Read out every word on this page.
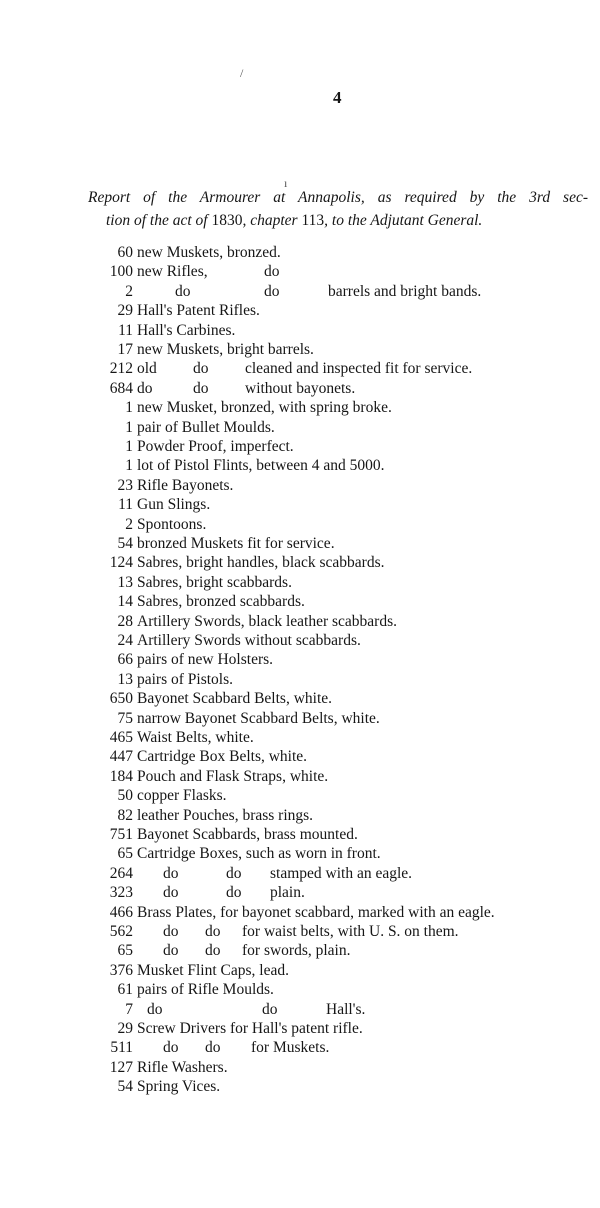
/
ı
4
Report of the Armourer at Annapolis, as required by the 3rd sec-
tion of the act of 1830, chapter 113, to the Adjutant General.
60 new Muskets, bronzed.
100 new Rifles,	do
2	do	do	barrels and bright bands.
29 Hall's Patent Rifles.
11 Hall's Carbines.
17 new Muskets, bright barrels.
212 old do cleaned and inspected fit for service.
684 do	do without bayonets.
1 new Musket, bronzed, with spring broke.
1 pair of Bullet Moulds.
1 Powder Proof, imperfect.
1 lot of Pistol Flints, between 4 and 5000.
23 Rifle Bayonets.
11 Gun Slings.
2 Spontoons.
54 bronzed Muskets fit for service.
124 Sabres, bright handles, black scabbards.
13 Sabres, bright scabbards.
14 Sabres, bronzed scabbards.
28 Artillery Swords, black leather scabbards.
24 Artillery Swords without scabbards.
66 pairs of new Holsters.
13 pairs of Pistols.
650 Bayonet Scabbard Belts, white.
75 narrow Bayonet Scabbard Belts, white.
465 Waist Belts, white.
447 Cartridge Box Belts, white.
184 Pouch and Flask Straps, white.
50 copper Flasks.
82 leather Pouches, brass rings.
751 Bayonet Scabbards, brass mounted.
65 Cartridge Boxes, such as worn in front.
264 do	do stamped with an eagle.
323 do	do plain.
466 Brass Plates, for bayonet scabbard, marked with an eagle.
562 do do for waist belts, with U. S. on them.
65 do do for swords, plain.
376 Musket Flint Caps, lead.
61 pairs of Rifle Moulds.
7 do	do	Hall's.
29 Screw Drivers for Hall's patent rifle.
511 do do for Muskets.
127 Rifle Washers.
54 Spring Vices.
